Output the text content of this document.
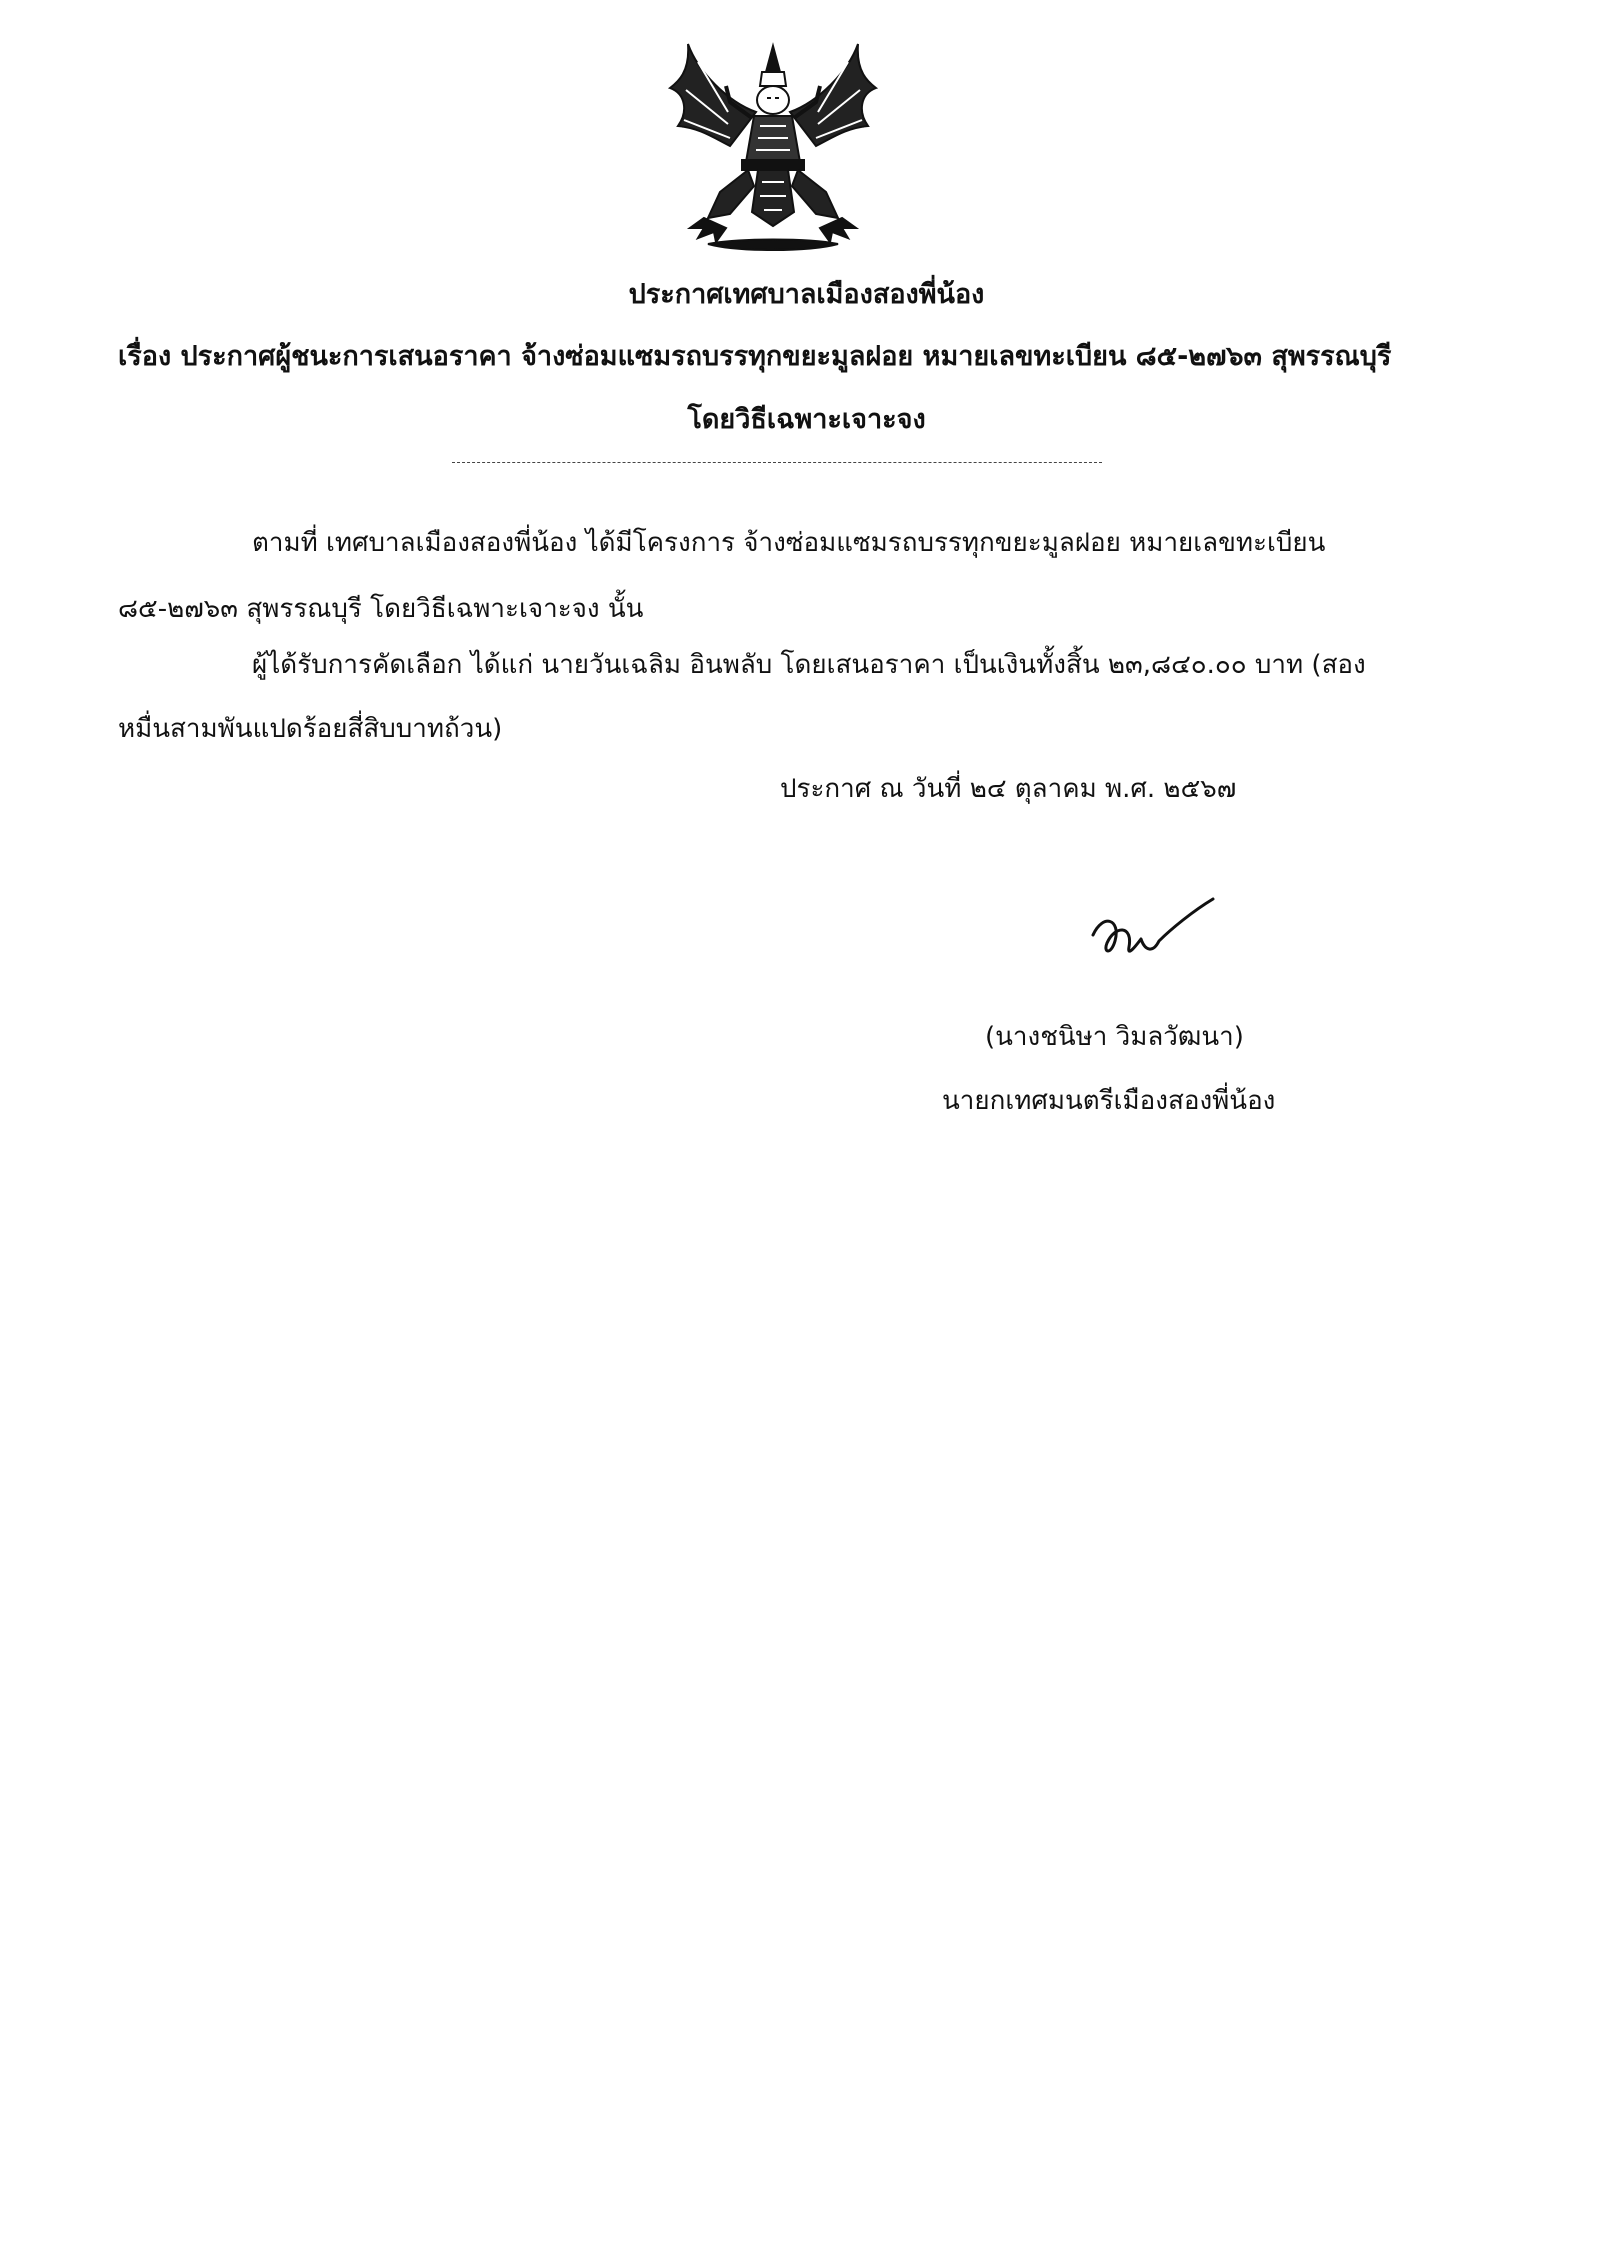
ประกาศเทศบาลเมืองสองพี่น้อง
เรื่อง ประกาศผู้ชนะการเสนอราคา จ้างซ่อมแซมรถบรรทุกขยะมูลฝอย หมายเลขทะเบียน ๘๕-๒๗๖๓ สุพรรณบุรี
โดยวิธีเฉพาะเจาะจง
ตามที่ เทศบาลเมืองสองพี่น้อง ได้มีโครงการ จ้างซ่อมแซมรถบรรทุกขยะมูลฝอย หมายเลขทะเบียน
๘๕-๒๗๖๓ สุพรรณบุรี โดยวิธีเฉพาะเจาะจง นั้น
ผู้ได้รับการคัดเลือก ได้แก่ นายวันเฉลิม อินพลับ โดยเสนอราคา เป็นเงินทั้งสิ้น ๒๓,๘๔๐.๐๐ บาท (สอง
หมื่นสามพันแปดร้อยสี่สิบบาทถ้วน)
ประกาศ ณ วันที่ ๒๔ ตุลาคม พ.ศ. ๒๕๖๗
(นางชนิษา วิมลวัฒนา)
นายกเทศมนตรีเมืองสองพี่น้อง
